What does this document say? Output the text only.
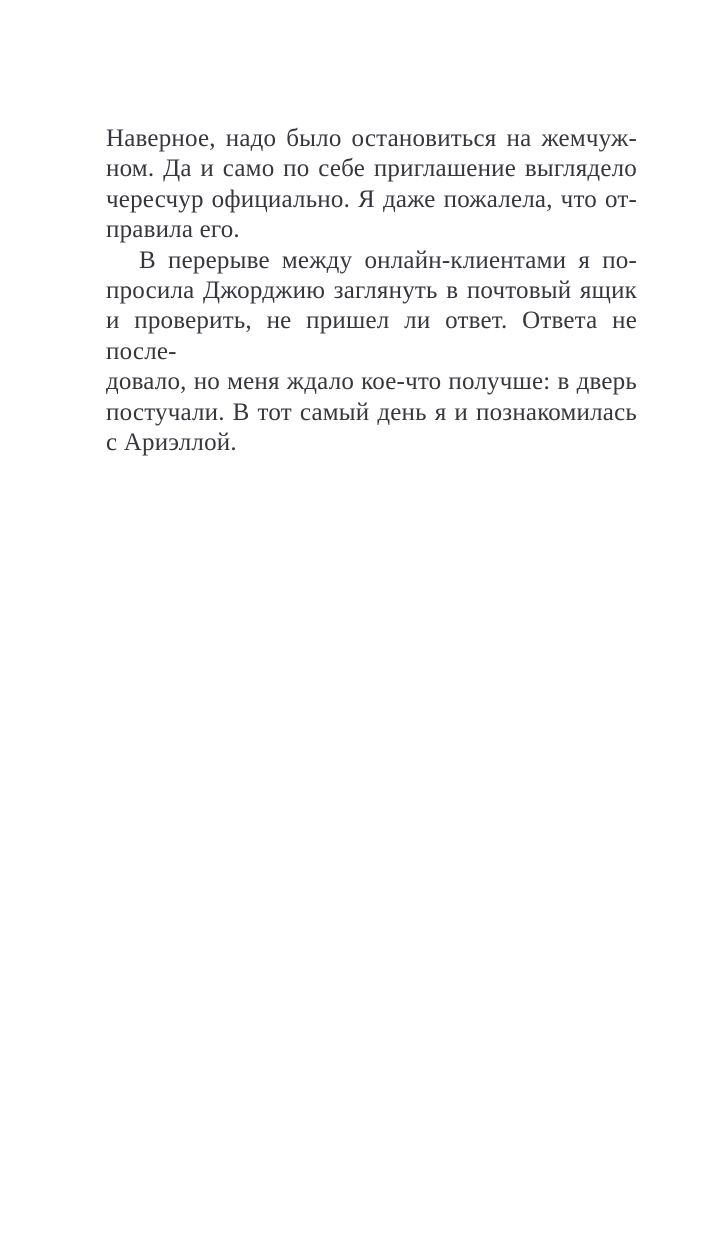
Наверное, надо было остановиться на жемчуж-
ном. Да и само по себе приглашение выглядело
чересчур официально. Я даже пожалела, что от-
правила его.
В перерыве между онлайн-клиентами я по-
просила Джорджию заглянуть в почтовый ящик
и проверить, не пришел ли ответ. Ответа не после-
довало, но меня ждало кое-что получше: в дверь
постучали. В тот самый день я и познакомилась
с Ариэллой.
